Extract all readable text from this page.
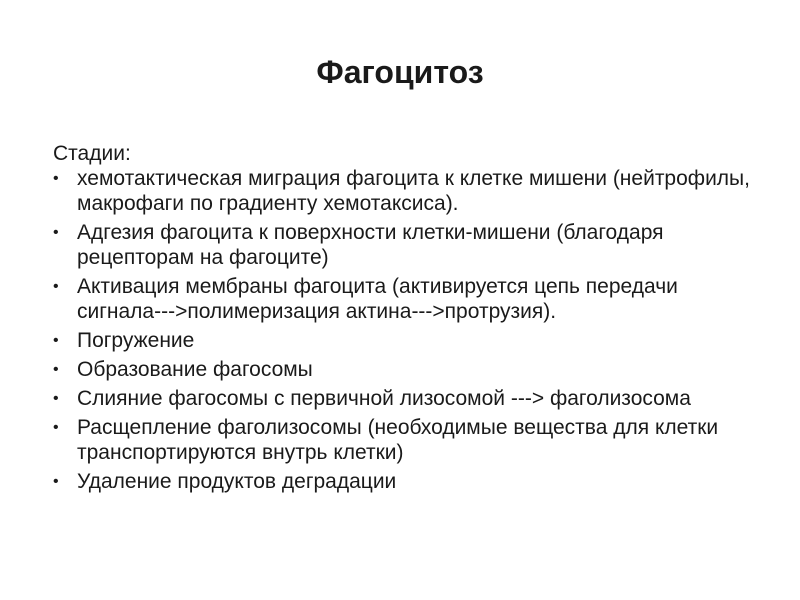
Фагоцитоз
Стадии:
• хемотактическая миграция фагоцита к клетке мишени (нейтрофилы, макрофаги по градиенту хемотаксиса).
• Адгезия фагоцита к поверхности клетки-мишени (благодаря рецепторам на фагоците)
• Активация мембраны фагоцита (активируется цепь передачи сигнала--->полимеризация актина--->протрузия).
• Погружение
• Образование фагосомы
• Слияние фагосомы с первичной лизосомой ---> фаголизосома
• Расщепление фаголизосомы (необходимые вещества для клетки транспортируются внутрь клетки)
• Удаление продуктов деградации
